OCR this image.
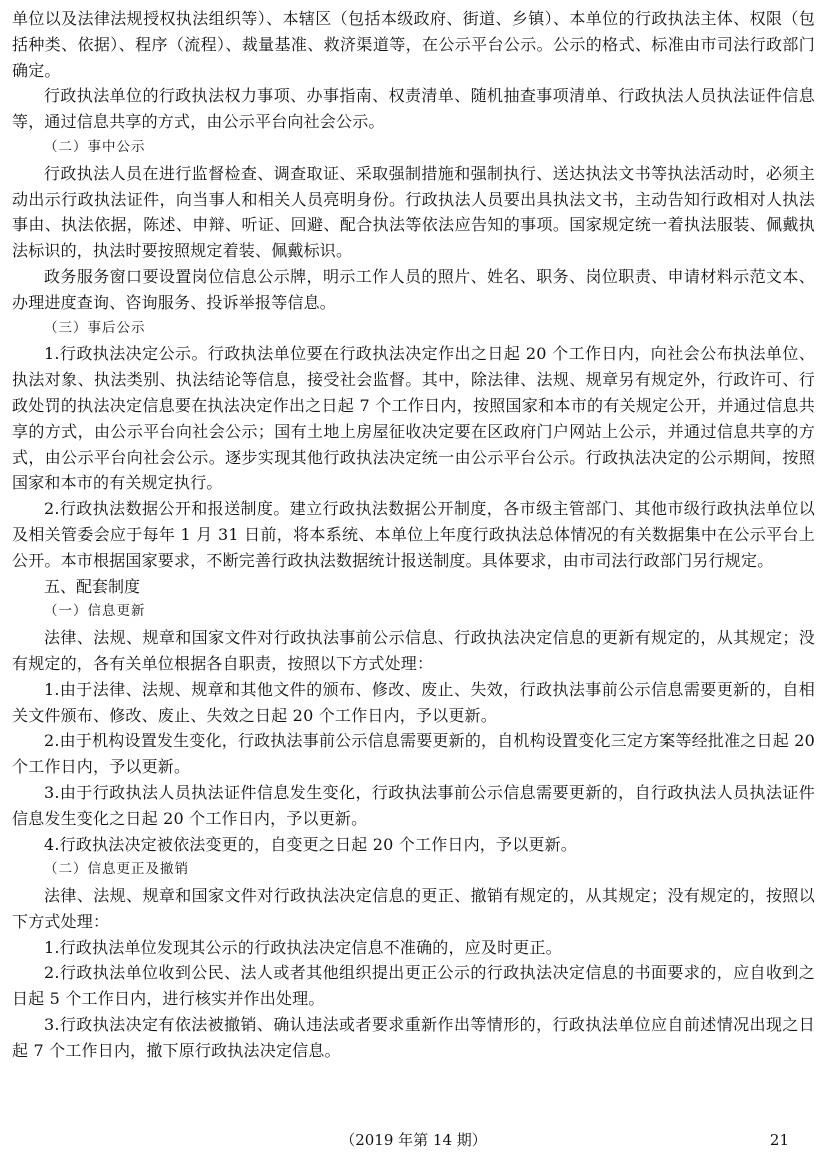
单位以及法律法规授权执法组织等）、本辖区（包括本级政府、街道、乡镇）、本单位的行政执法主体、权限（包括种类、依据）、程序（流程）、裁量基准、救济渠道等，在公示平台公示。公示的格式、标准由市司法行政部门确定。
行政执法单位的行政执法权力事项、办事指南、权责清单、随机抽查事项清单、行政执法人员执法证件信息等，通过信息共享的方式，由公示平台向社会公示。
（二）事中公示
行政执法人员在进行监督检查、调查取证、采取强制措施和强制执行、送达执法文书等执法活动时，必须主动出示行政执法证件，向当事人和相关人员亮明身份。行政执法人员要出具执法文书，主动告知行政相对人执法事由、执法依据，陈述、申辩、听证、回避、配合执法等依法应告知的事项。国家规定统一着执法服装、佩戴执法标识的，执法时要按照规定着装、佩戴标识。
政务服务窗口要设置岗位信息公示牌，明示工作人员的照片、姓名、职务、岗位职责、申请材料示范文本、办理进度查询、咨询服务、投诉举报等信息。
（三）事后公示
1.行政执法决定公示。行政执法单位要在行政执法决定作出之日起 20 个工作日内，向社会公布执法单位、执法对象、执法类别、执法结论等信息，接受社会监督。其中，除法律、法规、规章另有规定外，行政许可、行政处罚的执法决定信息要在执法决定作出之日起 7 个工作日内，按照国家和本市的有关规定公开，并通过信息共享的方式，由公示平台向社会公示；国有土地上房屋征收决定要在区政府门户网站上公示，并通过信息共享的方式，由公示平台向社会公示。逐步实现其他行政执法决定统一由公示平台公示。行政执法决定的公示期间，按照国家和本市的有关规定执行。
2.行政执法数据公开和报送制度。建立行政执法数据公开制度，各市级主管部门、其他市级行政执法单位以及相关管委会应于每年 1 月 31 日前，将本系统、本单位上年度行政执法总体情况的有关数据集中在公示平台上公开。本市根据国家要求，不断完善行政执法数据统计报送制度。具体要求，由市司法行政部门另行规定。
五、配套制度
（一）信息更新
法律、法规、规章和国家文件对行政执法事前公示信息、行政执法决定信息的更新有规定的，从其规定；没有规定的，各有关单位根据各自职责，按照以下方式处理：
1.由于法律、法规、规章和其他文件的颁布、修改、废止、失效，行政执法事前公示信息需要更新的，自相关文件颁布、修改、废止、失效之日起 20 个工作日内，予以更新。
2.由于机构设置发生变化，行政执法事前公示信息需要更新的，自机构设置变化三定方案等经批准之日起 20 个工作日内，予以更新。
3.由于行政执法人员执法证件信息发生变化，行政执法事前公示信息需要更新的，自行政执法人员执法证件信息发生变化之日起 20 个工作日内，予以更新。
4.行政执法决定被依法变更的，自变更之日起 20 个工作日内，予以更新。
（二）信息更正及撤销
法律、法规、规章和国家文件对行政执法决定信息的更正、撤销有规定的，从其规定；没有规定的，按照以下方式处理：
1.行政执法单位发现其公示的行政执法决定信息不准确的，应及时更正。
2.行政执法单位收到公民、法人或者其他组织提出更正公示的行政执法决定信息的书面要求的，应自收到之日起 5 个工作日内，进行核实并作出处理。
3.行政执法决定有依法被撤销、确认违法或者要求重新作出等情形的，行政执法单位应自前述情况出现之日起 7 个工作日内，撤下原行政执法决定信息。
（2019 年第 14 期）	21
